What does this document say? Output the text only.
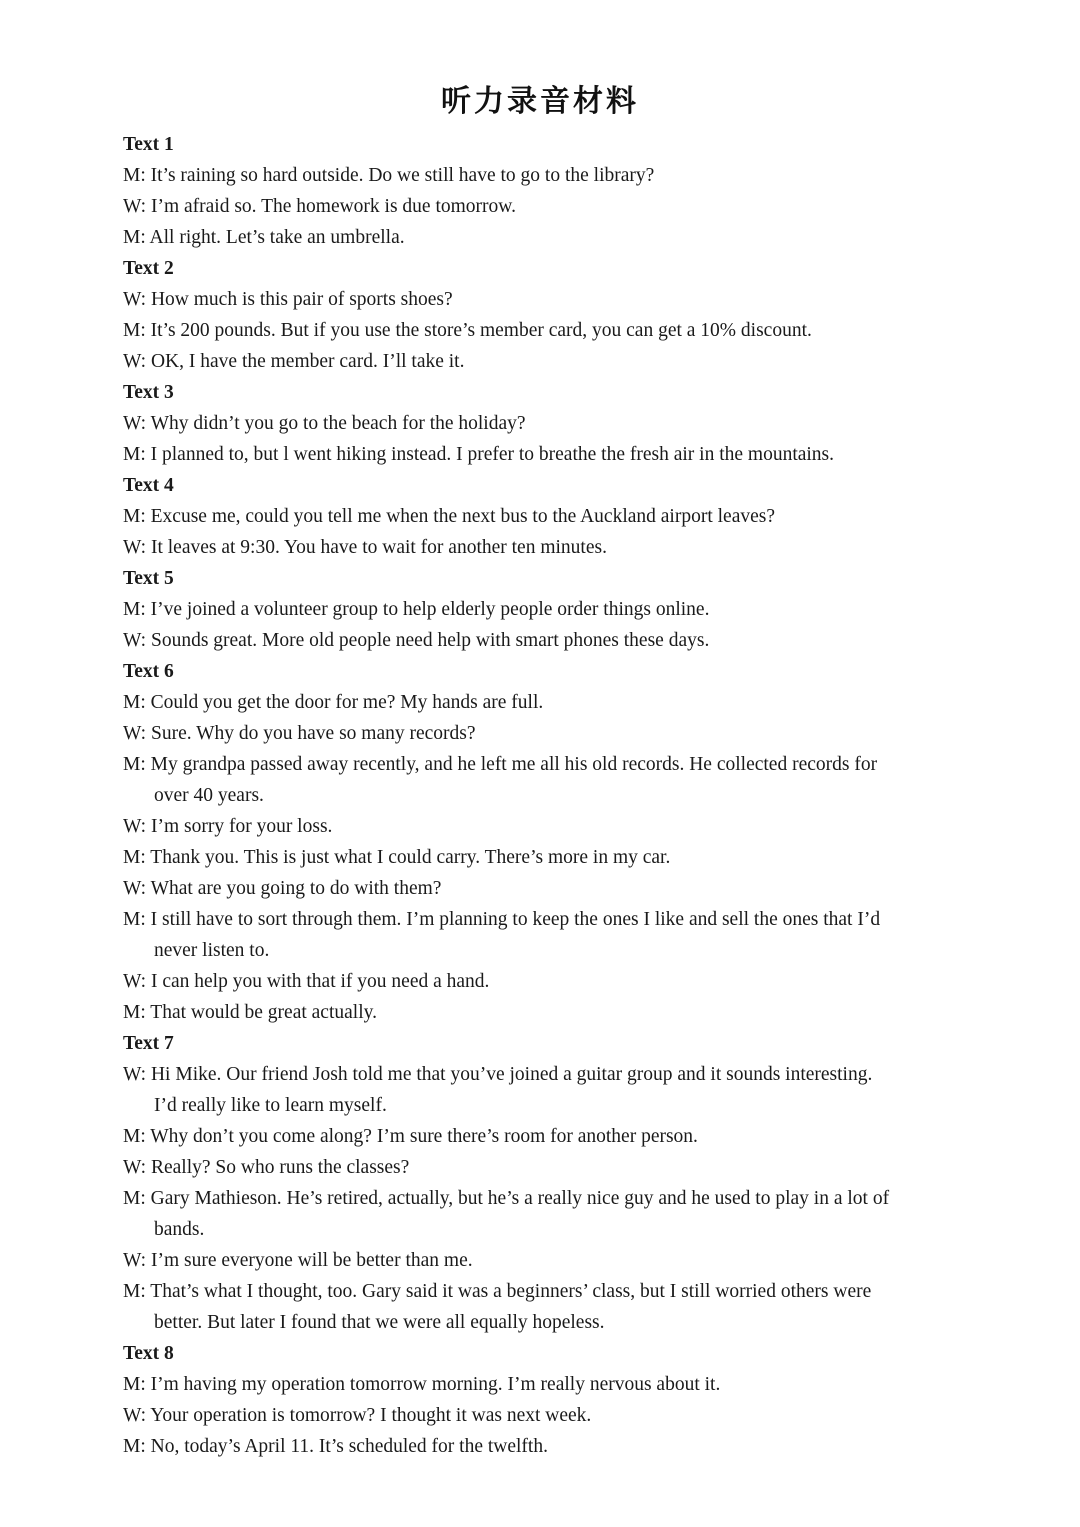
听力录音材料

Text 1

M: It’s raining so hard outside. Do we still have to go to the library?

W: I’m afraid so. The homework is due tomorrow.

M: All right. Let’s take an umbrella.

Text 2

W: How much is this pair of sports shoes?

M: It’s 200 pounds. But if you use the store’s member card, you can get a 10% discount.

W: OK, I have the member card. I’ll take it.

Text 3

W: Why didn’t you go to the beach for the holiday?

M: I planned to, but l went hiking instead. I prefer to breathe the fresh air in the mountains.

Text 4

M: Excuse me, could you tell me when the next bus to the Auckland airport leaves?

W: It leaves at 9:30. You have to wait for another ten minutes.

Text 5

M: I’ve joined a volunteer group to help elderly people order things online.

W: Sounds great. More old people need help with smart phones these days.

Text 6

M: Could you get the door for me? My hands are full.

W: Sure. Why do you have so many records?

M: My grandpa passed away recently, and he left me all his old records. He collected records for

over 40 years.

W: I’m sorry for your loss.

M: Thank you. This is just what I could carry. There’s more in my car.

W: What are you going to do with them?

M: I still have to sort through them. I’m planning to keep the ones I like and sell the ones that I’d

never listen to.

W: I can help you with that if you need a hand.

M: That would be great actually.

Text 7

W: Hi Mike. Our friend Josh told me that you’ve joined a guitar group and it sounds interesting.

I’d really like to learn myself.

M: Why don’t you come along? I’m sure there’s room for another person.

W: Really? So who runs the classes?

M: Gary Mathieson. He’s retired, actually, but he’s a really nice guy and he used to play in a lot of

bands.

W: I’m sure everyone will be better than me.

M: That’s what I thought, too. Gary said it was a beginners’ class, but I still worried others were

better. But later I found that we were all equally hopeless.

Text 8

M: I’m having my operation tomorrow morning. I’m really nervous about it.

W: Your operation is tomorrow? I thought it was next week.

M: No, today’s April 11. It’s scheduled for the twelfth.
